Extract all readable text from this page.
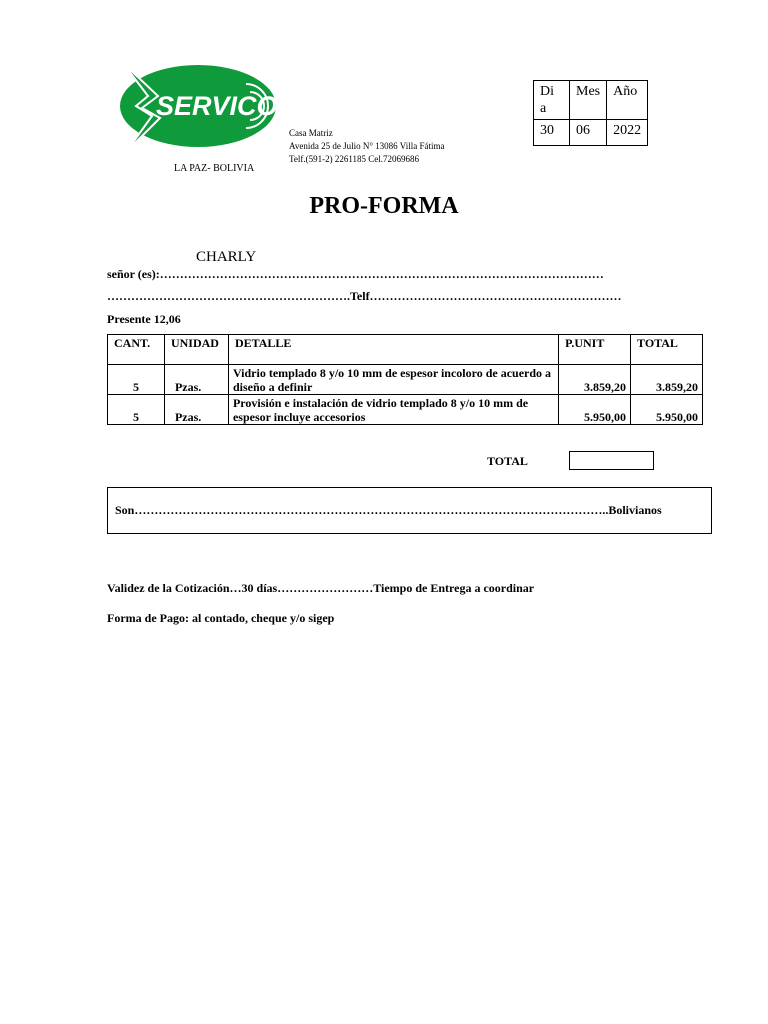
SERVICON
LA PAZ- BOLIVIA
Casa Matriz
Avenida 25 de Julio N° 13086 Villa Fátima
Telf.(591-2) 2261185 Cel.72069686
Di a	Mes	Año
30	06	2022
PRO-FORMA
CHARLY
señor (es):…………………………………………………………………………………………………
…………………………………………………….Telf………………………………………………………
Presente 12,06
CANT.	UNIDAD	DETALLE	P.UNIT	TOTAL
5	Pzas.	Vidrio templado 8 y/o 10 mm de espesor incoloro de acuerdo a diseño a definir	3.859,20	3.859,20
5	Pzas.	Provisión e instalación de vidrio templado 8 y/o 10 mm de espesor incluye accesorios	5.950,00	5.950,00
TOTAL
Son………………………………………………………………………………………………………..Bolivianos
Validez de la Cotización…30 días……………………Tiempo de Entrega a coordinar
Forma de Pago: al contado, cheque y/o sigep
